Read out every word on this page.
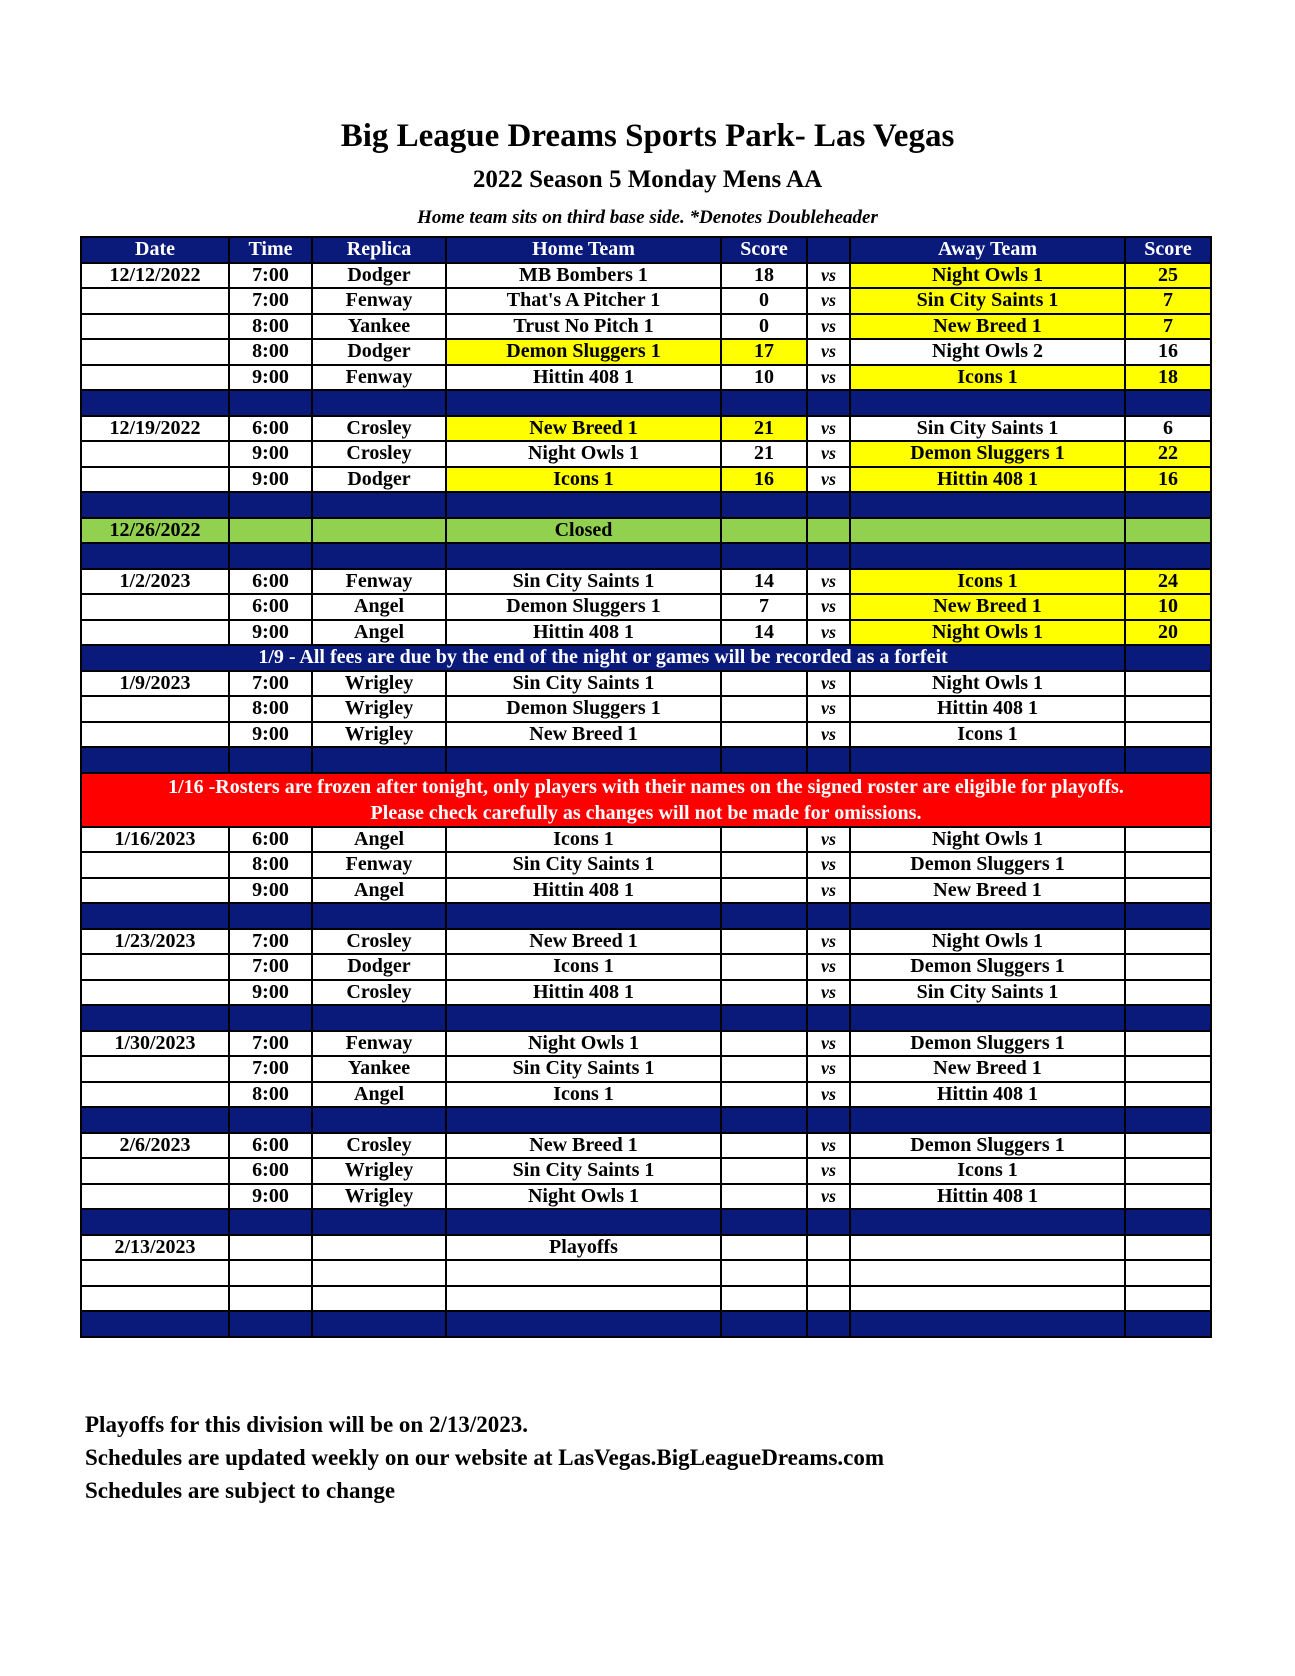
Big League Dreams Sports Park- Las Vegas
2022 Season 5 Monday Mens AA
Home team sits on third base side. *Denotes Doubleheader
Date	Time	Replica	Home Team	Score		Away Team	Score
12/12/2022	7:00	Dodger	MB Bombers 1	18	vs	Night Owls 1	25
	7:00	Fenway	That's A Pitcher 1	0	vs	Sin City Saints 1	7
	8:00	Yankee	Trust No Pitch 1	0	vs	New Breed 1	7
	8:00	Dodger	Demon Sluggers 1	17	vs	Night Owls 2	16
	9:00	Fenway	Hittin 408 1	10	vs	Icons 1	18

12/19/2022	6:00	Crosley	New Breed 1	21	vs	Sin City Saints 1	6
	9:00	Crosley	Night Owls 1	21	vs	Demon Sluggers 1	22
	9:00	Dodger	Icons 1	16	vs	Hittin 408 1	16

12/26/2022			Closed				

1/2/2023	6:00	Fenway	Sin City Saints 1	14	vs	Icons 1	24
	6:00	Angel	Demon Sluggers 1	7	vs	New Breed 1	10
	9:00	Angel	Hittin 408 1	14	vs	Night Owls 1	20
1/9 - All fees are due by the end of the night or games will be recorded as a forfeit							
1/9/2023	7:00	Wrigley	Sin City Saints 1		vs	Night Owls 1	
	8:00	Wrigley	Demon Sluggers 1		vs	Hittin 408 1	
	9:00	Wrigley	New Breed 1		vs	Icons 1	

1/16 -Rosters are frozen after tonight, only players with their names on the signed roster are eligible for playoffs.
Please check carefully as changes will not be made for omissions.							

1/16/2023	6:00	Angel	Icons 1		vs	Night Owls 1	
	8:00	Fenway	Sin City Saints 1		vs	Demon Sluggers 1	
	9:00	Angel	Hittin 408 1		vs	New Breed 1	

1/23/2023	7:00	Crosley	New Breed 1		vs	Night Owls 1	
	7:00	Dodger	Icons 1		vs	Demon Sluggers 1	
	9:00	Crosley	Hittin 408 1		vs	Sin City Saints 1	

1/30/2023	7:00	Fenway	Night Owls 1		vs	Demon Sluggers 1	
	7:00	Yankee	Sin City Saints 1		vs	New Breed 1	
	8:00	Angel	Icons 1		vs	Hittin 408 1	

2/6/2023	6:00	Crosley	New Breed 1		vs	Demon Sluggers 1	
	6:00	Wrigley	Sin City Saints 1		vs	Icons 1	
	9:00	Wrigley	Night Owls 1		vs	Hittin 408 1	

2/13/2023			Playoffs				

Playoffs for this division will be on 2/13/2023.
Schedules are updated weekly on our website at LasVegas.BigLeagueDreams.com
Schedules are subject to change
